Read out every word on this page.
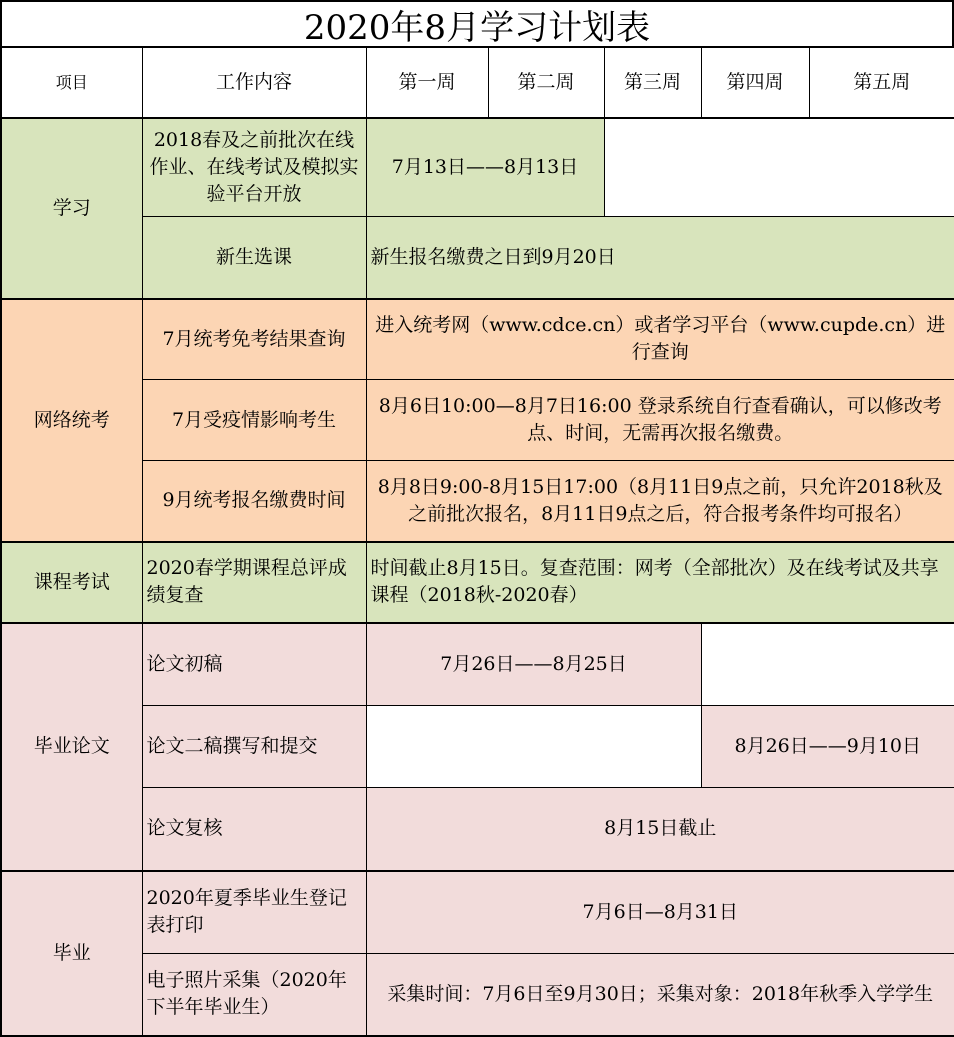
2020年8月学习计划表
项目	工作内容	第一周	第二周	第三周	第四周	第五周
学习	2018春及之前批次在线作业、在线考试及模拟实验平台开放	7月13日——8月13日				
	新生选课	新生报名缴费之日到9月20日				
网络统考	7月统考免考结果查询	进入统考网（www.cdce.cn）或者学习平台（www.cupde.cn）进行查询				
	7月受疫情影响考生	8月6日10:00—8月7日16:00 登录系统自行查看确认，可以修改考点、时间，无需再次报名缴费。				
	9月统考报名缴费时间	8月8日9:00-8月15日17:00（8月11日9点之前，只允许2018秋及之前批次报名，8月11日9点之后，符合报考条件均可报名）				
课程考试	2020春学期课程总评成绩复查	时间截止8月15日。复查范围：网考（全部批次）及在线考试及共享课程（2018秋-2020春）				
毕业论文	论文初稿	7月26日——8月25日				
	论文二稿撰写和提交				8月26日——9月10日	
	论文复核	8月15日截止				
毕业	2020年夏季毕业生登记表打印	7月6日—8月31日				
	电子照片采集（2020年下半年毕业生）	采集时间：7月6日至9月30日；采集对象：2018年秋季入学学生				
